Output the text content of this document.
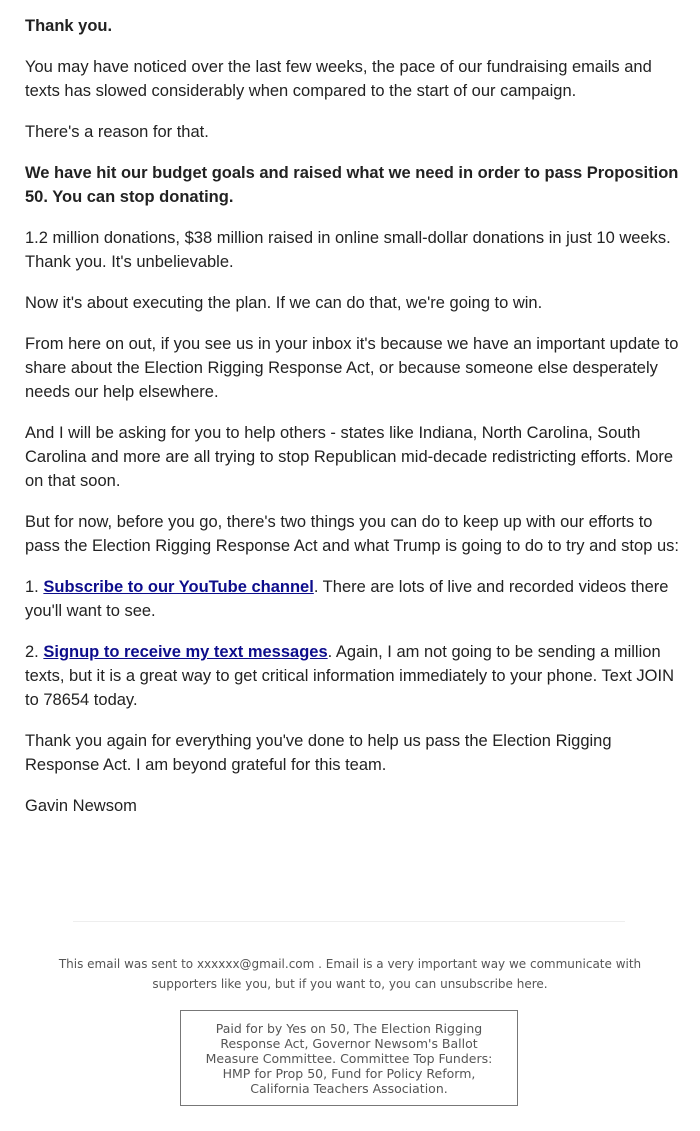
Thank you.

You may have noticed over the last few weeks, the pace of our fundraising emails and texts has slowed considerably when compared to the start of our campaign.

There's a reason for that.

We have hit our budget goals and raised what we need in order to pass Proposition 50. You can stop donating.

1.2 million donations, $38 million raised in online small-dollar donations in just 10 weeks. Thank you. It's unbelievable.

Now it's about executing the plan. If we can do that, we're going to win.

From here on out, if you see us in your inbox it's because we have an important update to share about the Election Rigging Response Act, or because someone else desperately needs our help elsewhere.

And I will be asking for you to help others - states like Indiana, North Carolina, South Carolina and more are all trying to stop Republican mid-decade redistricting efforts. More on that soon.

But for now, before you go, there's two things you can do to keep up with our efforts to pass the Election Rigging Response Act and what Trump is going to do to try and stop us:

1. Subscribe to our YouTube channel. There are lots of live and recorded videos there you'll want to see.

2. Signup to receive my text messages. Again, I am not going to be sending a million texts, but it is a great way to get critical information immediately to your phone. Text JOIN to 78654 today.

Thank you again for everything you've done to help us pass the Election Rigging Response Act. I am beyond grateful for this team.

Gavin Newsom

This email was sent to xxxxxx@gmail.com . Email is a very important way we communicate with supporters like you, but if you want to, you can unsubscribe here.
Paid for by Yes on 50, The Election Rigging Response Act, Governor Newsom's Ballot Measure Committee. Committee Top Funders: HMP for Prop 50, Fund for Policy Reform, California Teachers Association.
